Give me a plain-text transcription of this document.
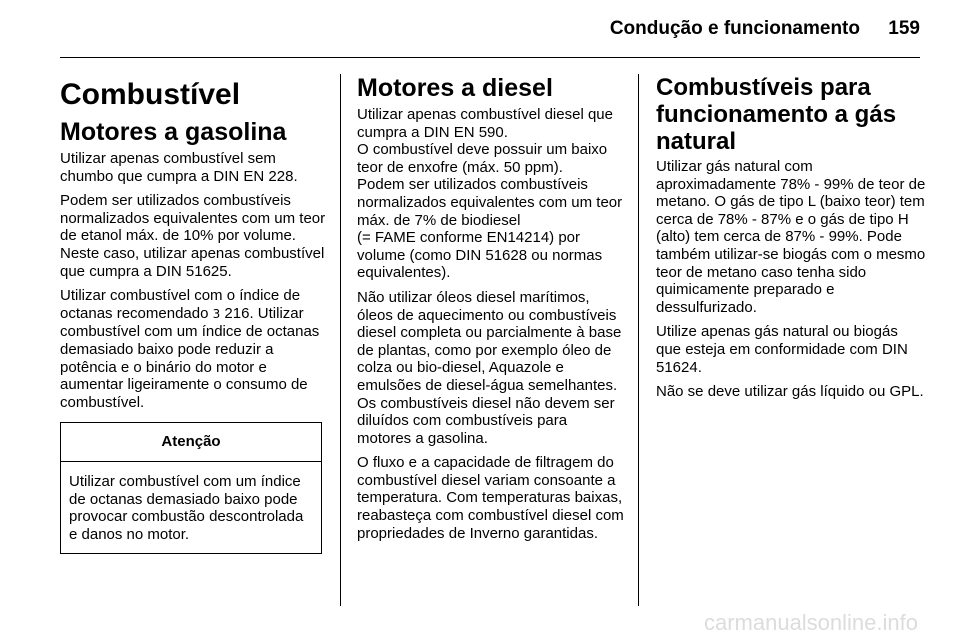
Condução e funcionamento 159
Combustível
Motores a gasolina

Utilizar apenas combustível sem chumbo que cumpra a DIN EN 228.

Podem ser utilizados combustíveis normalizados equivalentes com um teor de etanol máx. de 10% por volume. Neste caso, utilizar apenas combustível que cumpra a DIN 51625.

Utilizar combustível com o índice de octanas recomendado 3 216. Utilizar combustível com um índice de octanas demasiado baixo pode reduzir a potência e o binário do motor e aumentar ligeiramente o consumo de combustível.

Atenção
Utilizar combustível com um índice de octanas demasiado baixo pode provocar combustão descontrolada e danos no motor.
Motores a diesel

Utilizar apenas combustível diesel que cumpra a DIN EN 590.

O combustível deve possuir um baixo teor de enxofre (máx. 50 ppm).

Podem ser utilizados combustíveis normalizados equivalentes com um teor máx. de 7% de biodiesel

(= FAME conforme EN14214) por volume (como DIN 51628 ou normas equivalentes).

Não utilizar óleos diesel marítimos, óleos de aquecimento ou combustíveis diesel completa ou parcialmente à base de plantas, como por exemplo óleo de colza ou bio-diesel, Aquazole e emulsões de diesel-água semelhantes. Os combustíveis diesel não devem ser diluídos com combustíveis para motores a gasolina.

O fluxo e a capacidade de filtragem do combustível diesel variam consoante a temperatura. Com temperaturas baixas, reabasteça com combustível diesel com propriedades de Inverno garantidas.

Combustíveis para funcionamento a gás natural

Utilizar gás natural com aproximadamente 78% - 99% de teor de metano. O gás de tipo L (baixo teor) tem cerca de 78% - 87% e o gás de tipo H (alto) tem cerca de 87% - 99%. Pode também utilizar-se biogás com o mesmo teor de metano caso tenha sido quimicamente preparado e dessulfurizado.

Utilize apenas gás natural ou biogás que esteja em conformidade com DIN 51624.

Não se deve utilizar gás líquido ou GPL.

carmanualsonline.info
